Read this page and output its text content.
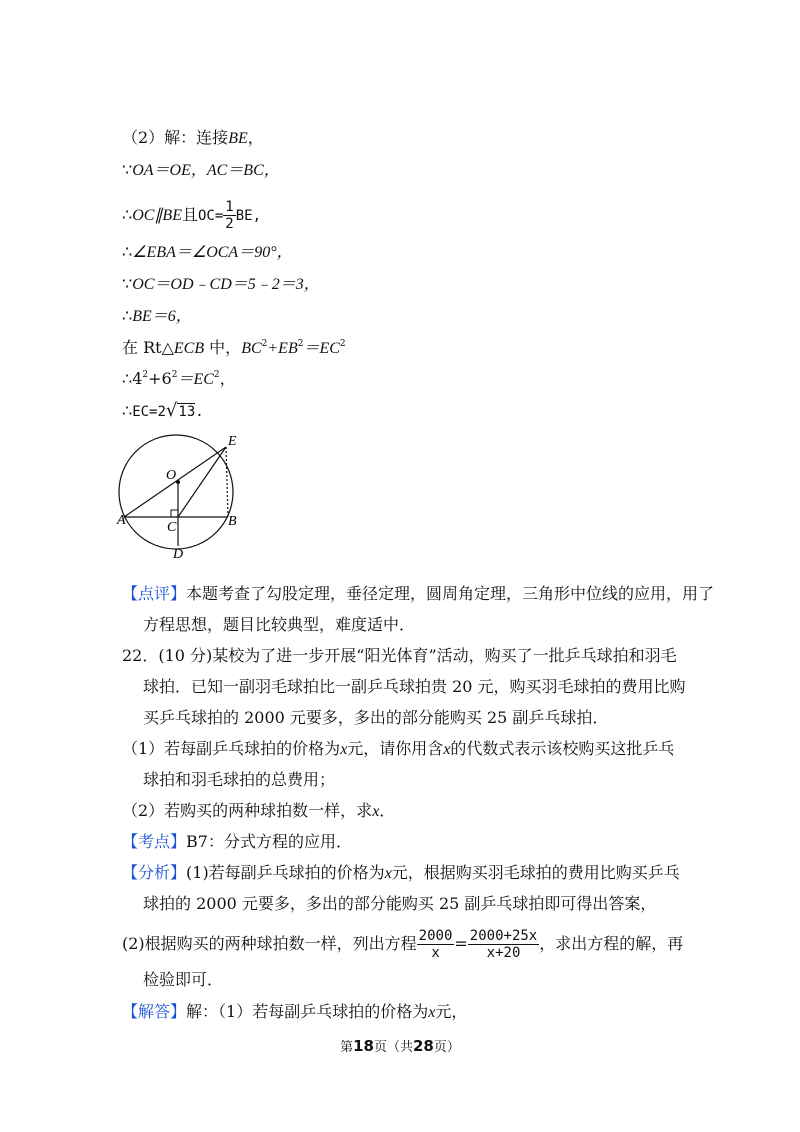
（2）解：连接BE，
∵OA＝OE，AC＝BC，
∴OC∥BE且$OC= \frac{1}{2}$ BE,
∴∠EBA＝∠OCA＝90°，
∵OC＝OD﹣CD＝5﹣2＝3，
∴BE＝6，
在 Rt△ECB 中，$BC^2+EB^2=EC^2$
$\therefore 4^2+6^2=EC^2$，
∴EC=2√13.
E
O
A	C	B
D
【点评】本题考查了勾股定理，垂径定理，圆周角定理，三角形中位线的应用，用了
方程思想，题目比较典型，难度适中．
22．(10 分)某校为了进一步开展“阳光体育”活动，购买了一批乒乓球拍和羽毛
球拍．已知一副羽毛球拍比一副乒乓球拍贵 20 元，购买羽毛球拍的费用比购
买乒乓球拍的 2000 元要多，多出的部分能购买 25 副乒乓球拍．
（1）若每副乒乓球拍的价格为x元，请你用含x的代数式表示该校购买这批乒乓
球拍和羽毛球拍的总费用；
（2）若购买的两种球拍数一样，求x．
【考点】B7：分式方程的应用．
【分析】(1)若每副乒乓球拍的价格为x元，根据购买羽毛球拍的费用比购买乒乓
球拍的 2000 元要多，多出的部分能购买 25 副乒乓球拍即可得出答案，
(2)根据购买的两种球拍数一样，列出方程 $\frac{2000}{x} = \frac{2000+25x}{x+20}$ ，求出方程的解，再
检验即可．
【解答】解：（1）若每副乒乓球拍的价格为x元，
第18页（共28页）
